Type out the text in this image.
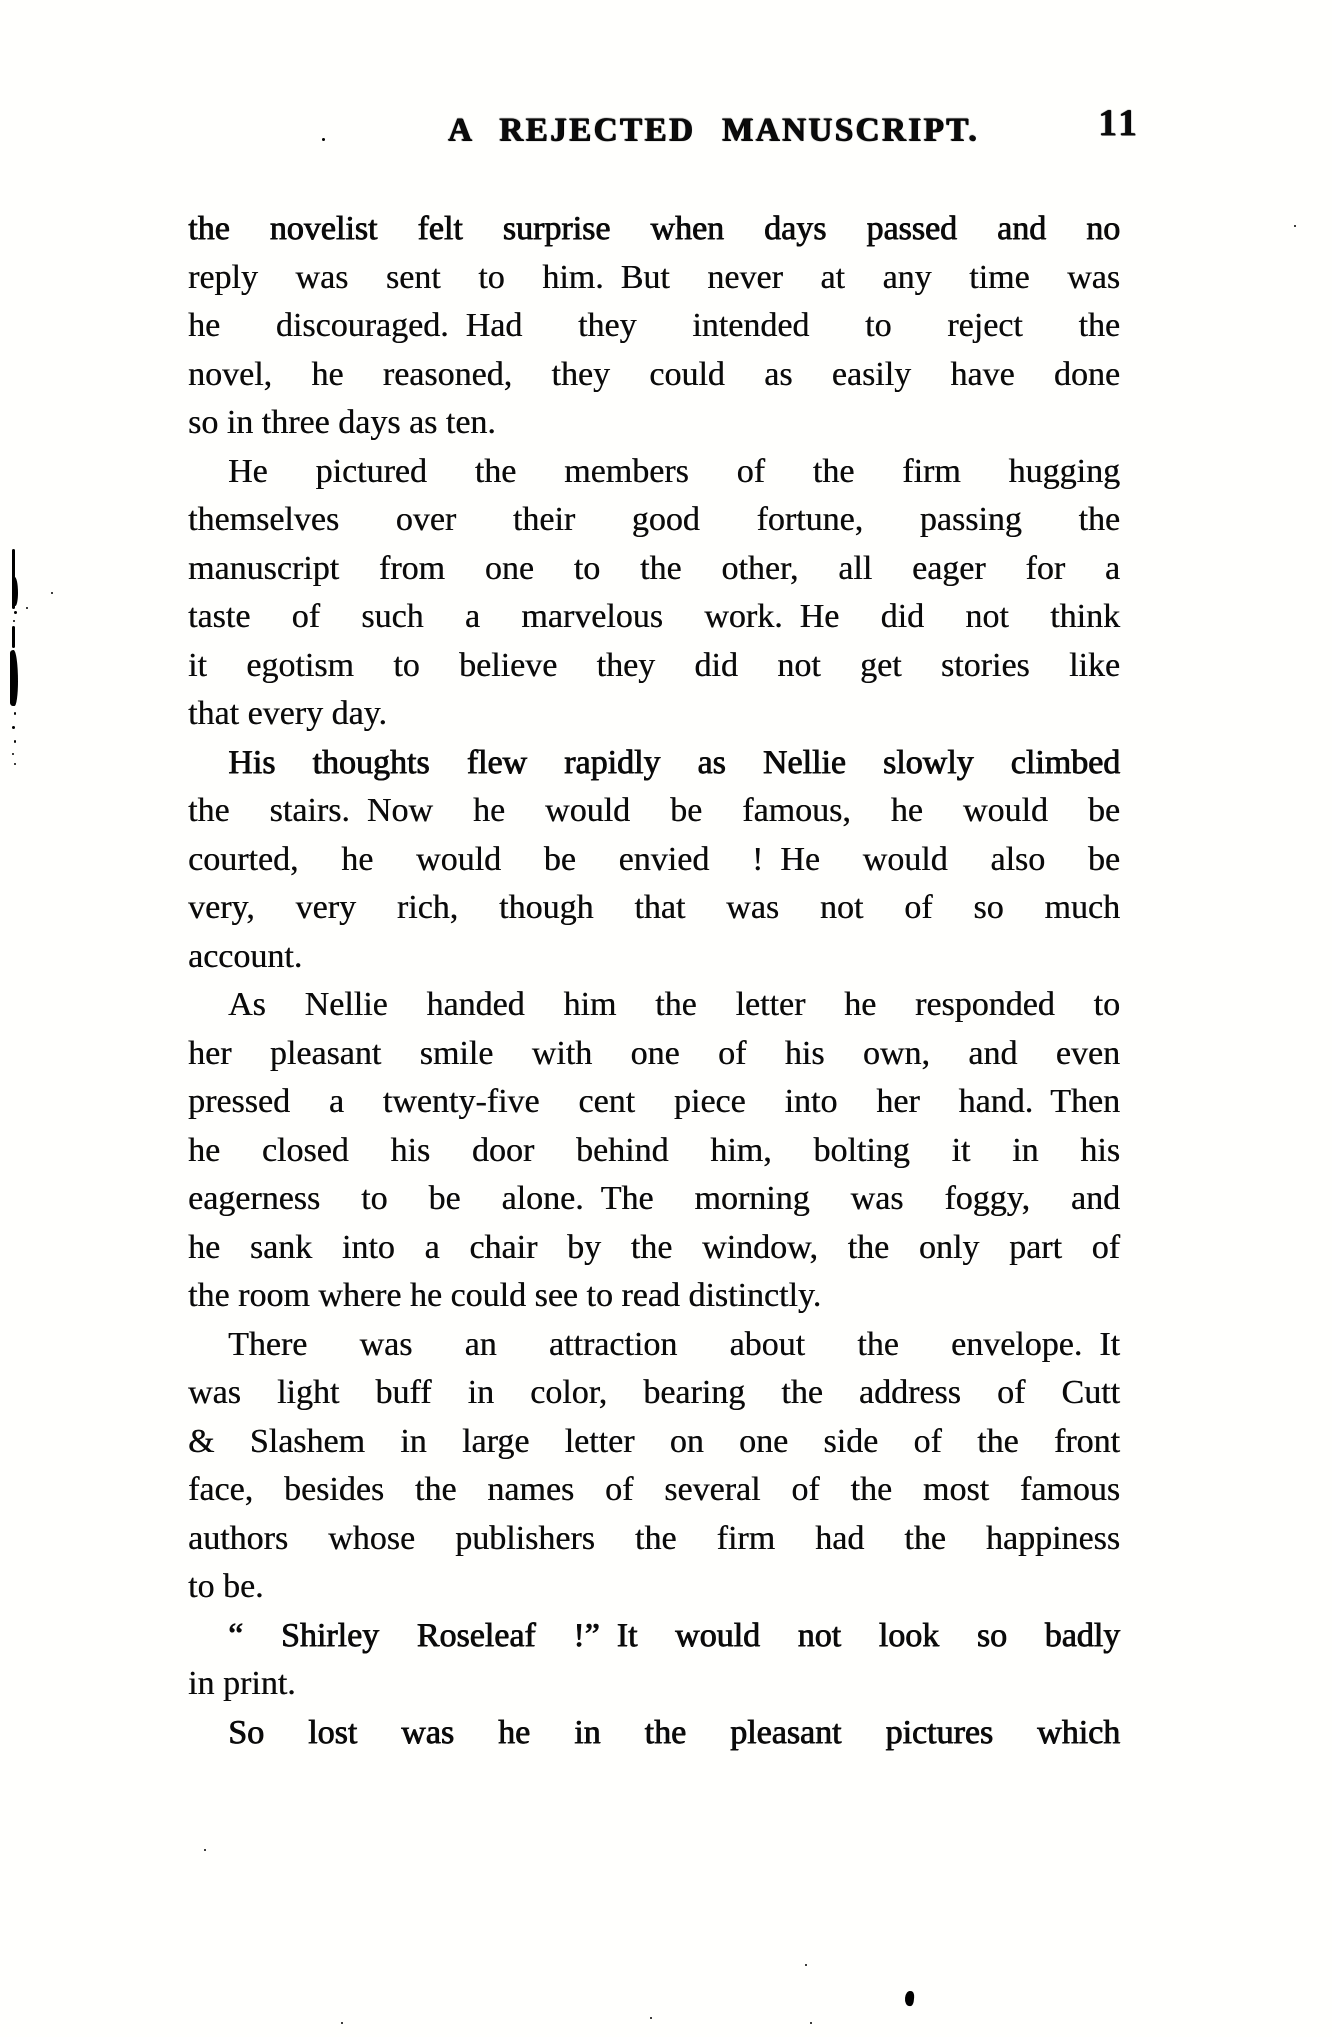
A REJECTED MANUSCRIPT.	11
the novelist felt surprise when days passed and no
reply was sent to him. But never at any time was
he discouraged. Had they intended to reject the
novel, he reasoned, they could as easily have done
so in three days as ten.
He pictured the members of the firm hugging
themselves over their good fortune, passing the
manuscript from one to the other, all eager for a
taste of such a marvelous work. He did not think
it egotism to believe they did not get stories like
that every day.
His thoughts flew rapidly as Nellie slowly climbed
the stairs. Now he would be famous, he would be
courted, he would be envied ! He would also be
very, very rich, though that was not of so much
account.
As Nellie handed him the letter he responded to
her pleasant smile with one of his own, and even
pressed a twenty-five cent piece into her hand. Then
he closed his door behind him, bolting it in his
eagerness to be alone. The morning was foggy, and
he sank into a chair by the window, the only part of
the room where he could see to read distinctly.
There was an attraction about the envelope. It
was light buff in color, bearing the address of Cutt
& Slashem in large letter on one side of the front
face, besides the names of several of the most famous
authors whose publishers the firm had the happiness
to be.
“ Shirley Roseleaf !” It would not look so badly
in print.
So lost was he in the pleasant pictures which
